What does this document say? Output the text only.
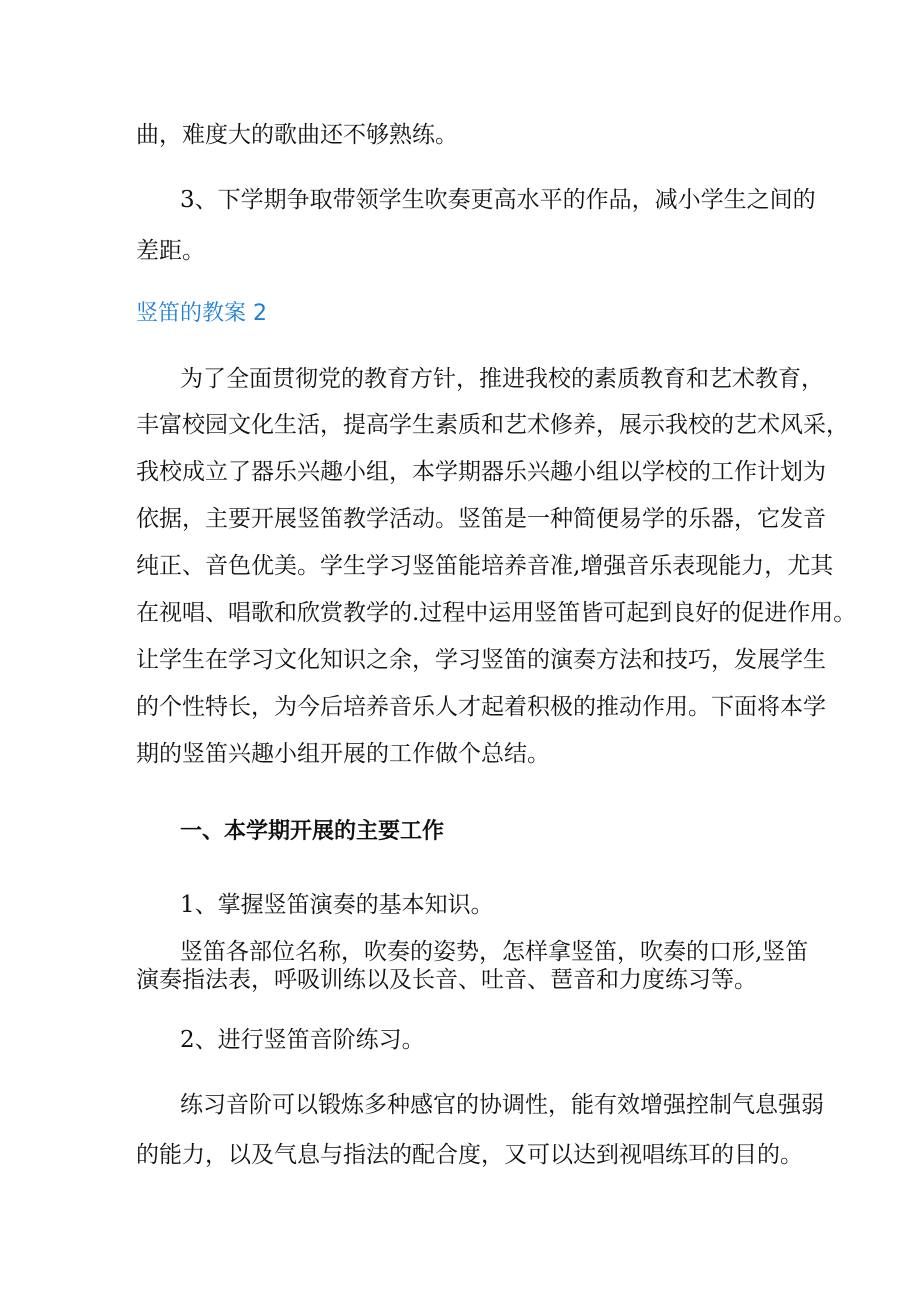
曲，难度大的歌曲还不够熟练。
3、下学期争取带领学生吹奏更高水平的作品，减小学生之间的
差距。
竖笛的教案 2
为了全面贯彻党的教育方针，推进我校的素质教育和艺术教育，
丰富校园文化生活，提高学生素质和艺术修养，展示我校的艺术风采，
我校成立了器乐兴趣小组，本学期器乐兴趣小组以学校的工作计划为
依据，主要开展竖笛教学活动。竖笛是一种简便易学的乐器，它发音
纯正、音色优美。学生学习竖笛能培养音准,增强音乐表现能力，尤其
在视唱、唱歌和欣赏教学的.过程中运用竖笛皆可起到良好的促进作用。
让学生在学习文化知识之余，学习竖笛的演奏方法和技巧，发展学生
的个性特长，为今后培养音乐人才起着积极的推动作用。下面将本学
期的竖笛兴趣小组开展的工作做个总结。
一、本学期开展的主要工作
1、掌握竖笛演奏的基本知识。
竖笛各部位名称，吹奏的姿势，怎样拿竖笛，吹奏的口形,竖笛
演奏指法表，呼吸训练以及长音、吐音、琶音和力度练习等。
2、进行竖笛音阶练习。
练习音阶可以锻炼多种感官的协调性，能有效增强控制气息强弱
的能力，以及气息与指法的配合度，又可以达到视唱练耳的目的。
